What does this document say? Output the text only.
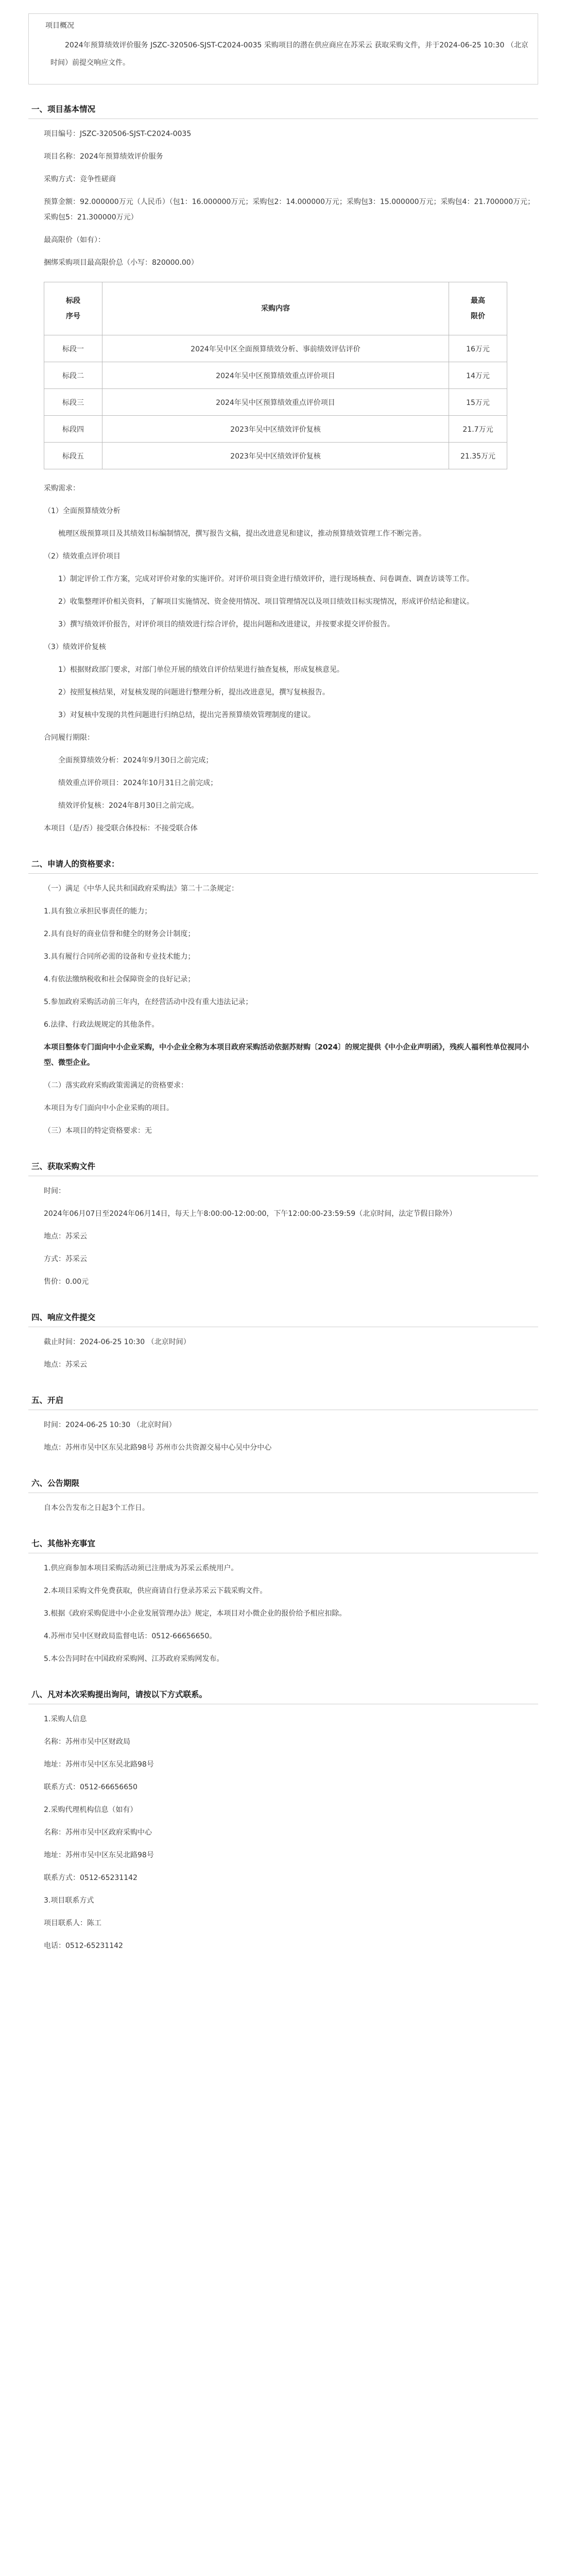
项目概况

2024年预算绩效评价服务 JSZC-320506-SJST-C2024-0035 采购项目的潜在供应商应在苏采云 获取采购文件，并于2024-06-25 10:30 （北京时间）前提交响应文件。

一、项目基本情况
项目编号：JSZC-320506-SJST-C2024-0035
项目名称：2024年预算绩效评价服务
采购方式：竞争性磋商
预算金额：92.000000万元（人民币）（包1：16.000000万元；采购包2：14.000000万元；采购包3：15.000000万元；采购包4：21.700000万元；采购包5：21.300000万元）
最高限价（如有）：
捆绑采购项目最高限价总（小写：820000.00）
标段
序号	采购内容	最高
限价

标段一	2024年吴中区全面预算绩效分析、事前绩效评估评价	16万元
标段二	2024年吴中区预算绩效重点评价项目	14万元
标段三	2024年吴中区预算绩效重点评价项目	15万元
标段四	2023年吴中区绩效评价复核	21.7万元
标段五	2023年吴中区绩效评价复核	21.35万元
采购需求：
（1）全面预算绩效分析
梳理区级预算项目及其绩效目标编制情况，撰写报告文稿，提出改进意见和建议，推动预算绩效管理工作不断完善。
（2）绩效重点评价项目
1）制定评价工作方案，完成对评价对象的实施评价。对评价项目资金进行绩效评价，进行现场核查、问卷调查、调查访谈等工作。
2）收集整理评价相关资料，了解项目实施情况、资金使用情况、项目管理情况以及项目绩效目标实现情况，形成评价结论和建议。
3）撰写绩效评价报告，对评价项目的绩效进行综合评价，提出问题和改进建议，并按要求提交评价报告。
（3）绩效评价复核
1）根据财政部门要求，对部门单位开展的绩效自评价结果进行抽查复核，形成复核意见。
2）按照复核结果，对复核发现的问题进行整理分析，提出改进意见，撰写复核报告。
3）对复核中发现的共性问题进行归纳总结，提出完善预算绩效管理制度的建议。
合同履行期限：
全面预算绩效分析：2024年9月30日之前完成；
绩效重点评价项目：2024年10月31日之前完成；
绩效评价复核：2024年8月30日之前完成。
本项目（是/否）接受联合体投标：不接受联合体
二、申请人的资格要求：
（一）满足《中华人民共和国政府采购法》第二十二条规定：
1.具有独立承担民事责任的能力；
2.具有良好的商业信誉和健全的财务会计制度；
3.具有履行合同所必需的设备和专业技术能力；
4.有依法缴纳税收和社会保障资金的良好记录；
5.参加政府采购活动前三年内，在经营活动中没有重大违法记录；
6.法律、行政法规规定的其他条件。
本项目整体专门面向中小企业采购，中小企业全称为本项目政府采购活动依据苏财购〔2024〕的规定提供《中小企业声明函》，残疾人福利性单位视同小型、微型企业。
（二）落实政府采购政策需满足的资格要求：
本项目为专门面向中小企业采购的项目。
（三）本项目的特定资格要求：无
三、获取采购文件
时间：
2024年06月07日至2024年06月14日，每天上午8:00:00-12:00:00，下午12:00:00-23:59:59（北京时间，法定节假日除外）
地点：苏采云
方式：苏采云
售价：0.00元
四、响应文件提交
截止时间：2024-06-25 10:30 （北京时间）
地点：苏采云
五、开启
时间：2024-06-25 10:30 （北京时间）
地点：苏州市吴中区东吴北路98号 苏州市公共资源交易中心吴中分中心
六、公告期限
自本公告发布之日起3个工作日。
七、其他补充事宜
1.供应商参加本项目采购活动须已注册成为苏采云系统用户。
2.本项目采购文件免费获取，供应商请自行登录苏采云下载采购文件。
3.根据《政府采购促进中小企业发展管理办法》规定，本项目对小微企业的报价给予相应扣除。
4.苏州市吴中区财政局监督电话：0512-66656650。
5.本公告同时在中国政府采购网、江苏政府采购网发布。
八、凡对本次采购提出询问，请按以下方式联系。
1.采购人信息
名称：苏州市吴中区财政局
地址：苏州市吴中区东吴北路98号
联系方式：0512-66656650
2.采购代理机构信息（如有）
名称：苏州市吴中区政府采购中心
地址：苏州市吴中区东吴北路98号
联系方式：0512-65231142
3.项目联系方式
项目联系人：陈工
电话：0512-65231142
